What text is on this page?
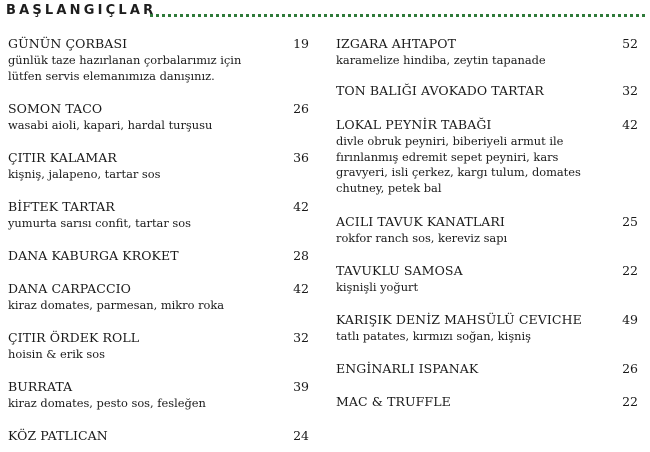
BAŞLANGIÇLAR
GÜNÜN ÇORBASI	19
günlük taze hazırlanan çorbalarımız için
lütfen servis elemanımıza danışınız.
SOMON TACO	26
wasabi aioli, kapari, hardal turşusu
ÇITIR KALAMAR	36
kişniş, jalapeno, tartar sos
BİFTEK TARTAR	42
yumurta sarısı confit, tartar sos
DANA KABURGA KROKET	28
DANA CARPACCIO	42
kiraz domates, parmesan, mikro roka
ÇITIR ÖRDEK ROLL	32
hoisin & erik sos
BURRATA	39
kiraz domates, pesto sos, fesleğen
KÖZ PATLICAN	24
IZGARA AHTAPOT	52
karamelize hindiba, zeytin tapanade
TON BALIĞI AVOKADO TARTAR	32
LOKAL PEYNİR TABAĞI	42
divle obruk peyniri, biberiyeli armut ile
fırınlanmış edremit sepet peyniri, kars
gravyeri, isli çerkez, kargı tulum, domates
chutney, petek bal
ACILI TAVUK KANATLARI	25
rokfor ranch sos, kereviz sapı
TAVUKLU SAMOSA	22
kişnişli yoğurt
KARIŞIK DENİZ MAHSÜLÜ CEVICHE	49
tatlı patates, kırmızı soğan, kişniş
ENGİNARLI ISPANAK	26
MAC & TRUFFLE	22
